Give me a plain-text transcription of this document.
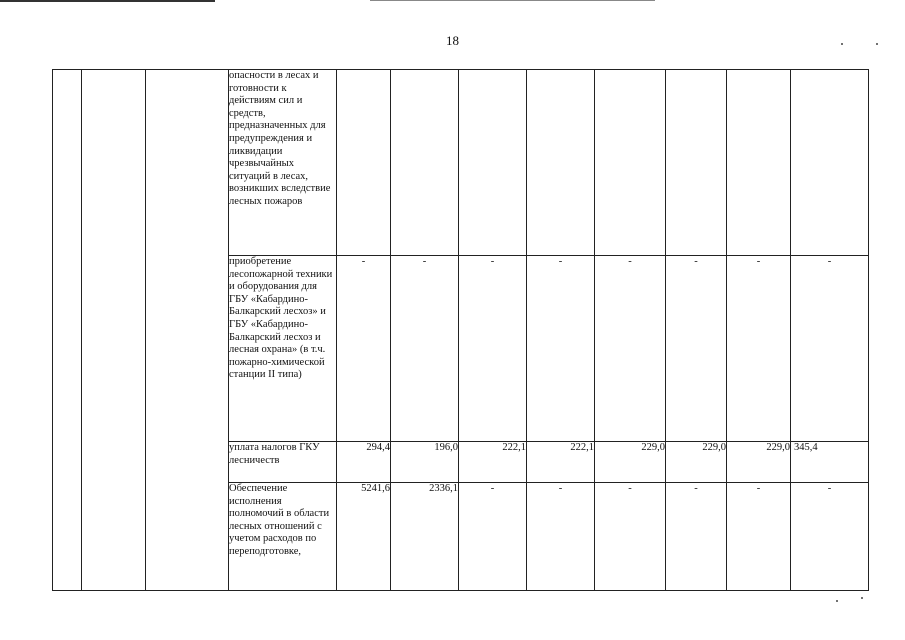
18
			опасности в лесах и готовности к действиям сил и средств, предназначенных для предупреждения и ликвидации чрезвычайных ситуаций в лесах, возникших вследствие лесных пожаров								
			приобретение лесопожарной техники и оборудования для ГБУ «Кабардино-Балкарский лесхоз» и ГБУ «Кабардино-Балкарский лесхоз и лесная охрана» (в т.ч. пожарно-химической станции II типа)	-	-	-	-	-	-	-	-
			уплата налогов ГКУ лесничеств	294,4	196,0	222,1	222,1	229,0	229,0	229,0	345,4
			Обеспечение исполнения полномочий в области лесных отношений с учетом расходов по переподготовке,	5241,6	2336,1	-	-	-	-	-	-
